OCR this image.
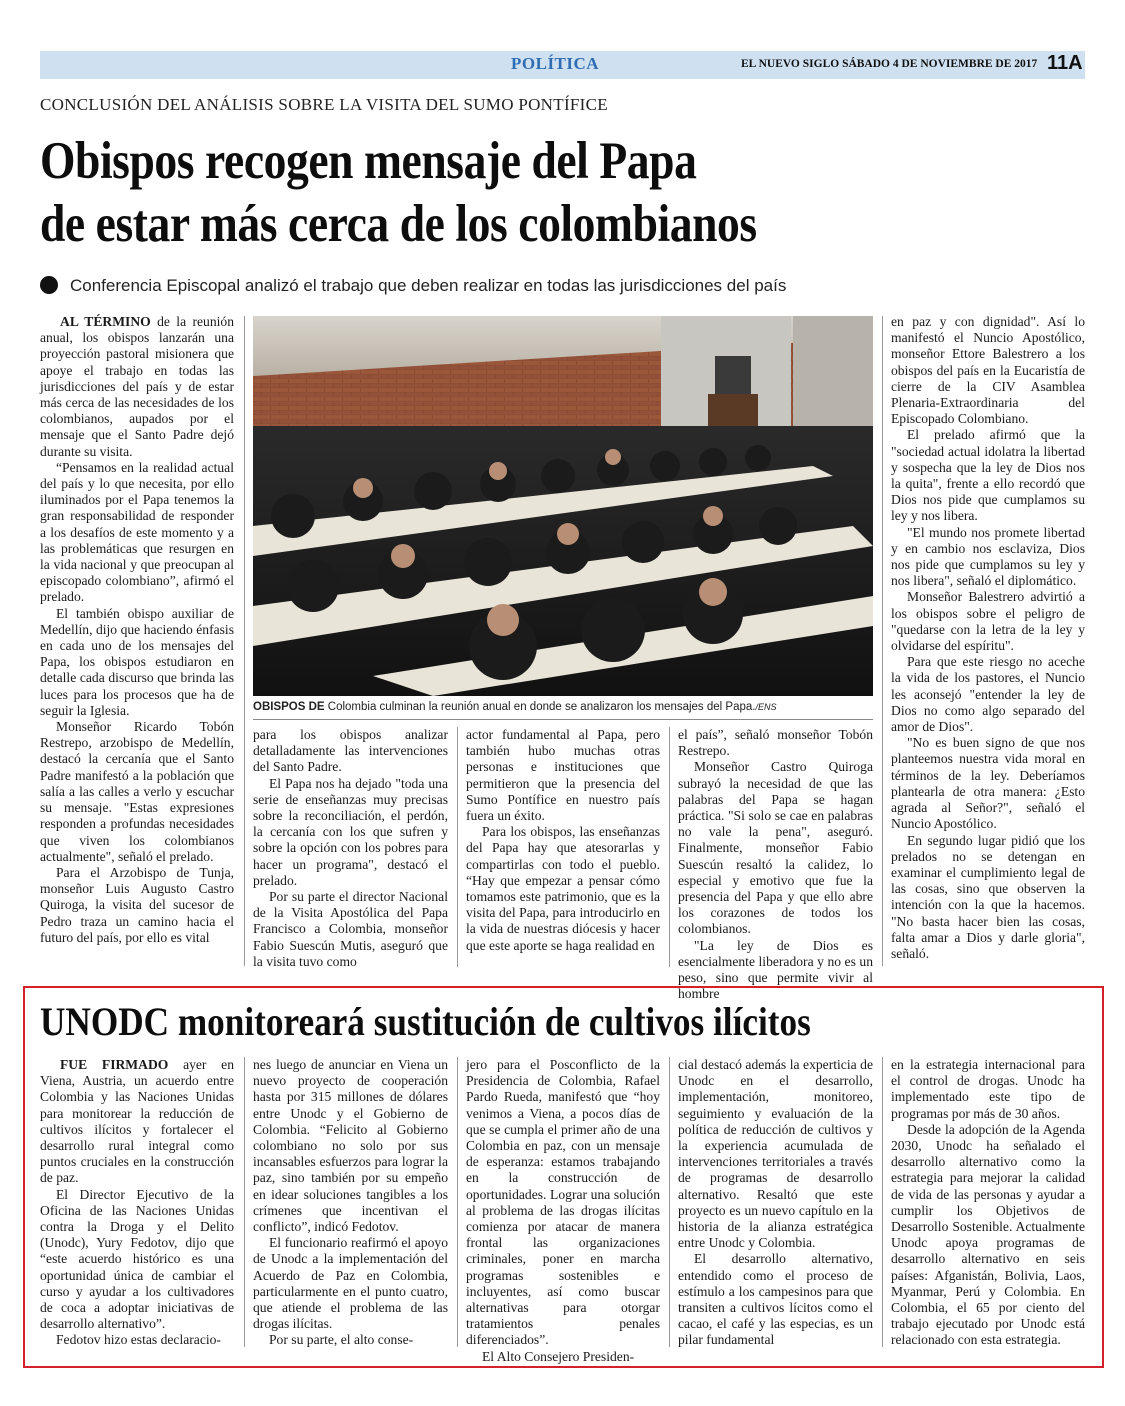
POLÍTICA	EL NUEVO SIGLO SÁBADO 4 DE NOVIEMBRE DE 2017 11A
CONCLUSIÓN DEL ANÁLISIS SOBRE LA VISITA DEL SUMO PONTÍFICE
Obispos recogen mensaje del Papa
de estar más cerca de los colombianos
Conferencia Episcopal analizó el trabajo que deben realizar en todas las jurisdicciones del país

AL TÉRMINO de la reunión anual, los obispos lanzarán una proyección pastoral misionera que apoye el trabajo en todas las jurisdicciones del país y de estar más cerca de las necesidades de los colombianos, aupados por el mensaje que el Santo Padre dejó durante su visita.

“Pensamos en la realidad actual del país y lo que necesita, por ello iluminados por el Papa tenemos la gran responsabilidad de responder a los desafíos de este momento y a las problemáticas que resurgen en la vida nacional y que preocupan al episcopado colombiano”, afirmó el prelado.

El también obispo auxiliar de Medellín, dijo que haciendo énfasis en cada uno de los mensajes del Papa, los obispos estudiaron en detalle cada discurso que brinda las luces para los procesos que ha de seguir la Iglesia.

Monseñor Ricardo Tobón Restrepo, arzobispo de Medellín, destacó la cercanía que el Santo Padre manifestó a la población que salía a las calles a verlo y escuchar su mensaje. "Estas expresiones responden a profundas necesidades que viven los colombianos actualmente", señaló el prelado.

Para el Arzobispo de Tunja, monseñor Luis Augusto Castro Quiroga, la visita del sucesor de Pedro traza un camino hacia el futuro del país, por ello es vital

OBISPOS DE Colombia culminan la reunión anual en donde se analizaron los mensajes del Papa./ENS

para los obispos analizar detalladamente las intervenciones del Santo Padre.

El Papa nos ha dejado "toda una serie de enseñanzas muy precisas sobre la reconciliación, el perdón, la cercanía con los que sufren y sobre la opción con los pobres para hacer un programa", destacó el prelado.

Por su parte el director Nacional de la Visita Apostólica del Papa Francisco a Colombia, monseñor Fabio Suescún Mutis, aseguró que la visita tuvo como

actor fundamental al Papa, pero también hubo muchas otras personas e instituciones que permitieron que la presencia del Sumo Pontífice en nuestro país fuera un éxito.

Para los obispos, las enseñanzas del Papa hay que atesorarlas y compartirlas con todo el pueblo. “Hay que empezar a pensar cómo tomamos este patrimonio, que es la visita del Papa, para introducirlo en la vida de nuestras diócesis y hacer que este aporte se haga realidad en

el país”, señaló monseñor Tobón Restrepo.

Monseñor Castro Quiroga subrayó la necesidad de que las palabras del Papa se hagan práctica. "Si solo se cae en palabras no vale la pena", aseguró. Finalmente, monseñor Fabio Suescún resaltó la calidez, lo especial y emotivo que fue la presencia del Papa y que ello abre los corazones de todos los colombianos.

"La ley de Dios es esencialmente liberadora y no es un peso, sino que permite vivir al hombre

en paz y con dignidad". Así lo manifestó el Nuncio Apostólico, monseñor Ettore Balestrero a los obispos del país en la Eucaristía de cierre de la CIV Asamblea Plenaria-Extraordinaria del Episcopado Colombiano.

El prelado afirmó que la "sociedad actual idolatra la libertad y sospecha que la ley de Dios nos la quita", frente a ello recordó que Dios nos pide que cumplamos su ley y nos libera.

"El mundo nos promete libertad y en cambio nos esclaviza, Dios nos pide que cumplamos su ley y nos libera", señaló el diplomático.

Monseñor Balestrero advirtió a los obispos sobre el peligro de "quedarse con la letra de la ley y olvidarse del espíritu".

Para que este riesgo no aceche la vida de los pastores, el Nuncio les aconsejó "entender la ley de Dios no como algo separado del amor de Dios".

"No es buen signo de que nos planteemos nuestra vida moral en términos de la ley. Deberíamos plantearla de otra manera: ¿Esto agrada al Señor?", señaló el Nuncio Apostólico.

En segundo lugar pidió que los prelados no se detengan en examinar el cumplimiento legal de las cosas, sino que observen la intención con la que la hacemos. "No basta hacer bien las cosas, falta amar a Dios y darle gloria", señaló.

UNODC monitoreará sustitución de cultivos ilícitos

FUE FIRMADO ayer en Viena, Austria, un acuerdo entre Colombia y las Naciones Unidas para monitorear la reducción de cultivos ilícitos y fortalecer el desarrollo rural integral como puntos cruciales en la construcción de paz.

El Director Ejecutivo de la Oficina de las Naciones Unidas contra la Droga y el Delito (Unodc), Yury Fedotov, dijo que “este acuerdo histórico es una oportunidad única de cambiar el curso y ayudar a los cultivadores de coca a adoptar iniciativas de desarrollo alternativo”.

Fedotov hizo estas declaracio-

nes luego de anunciar en Viena un nuevo proyecto de cooperación hasta por 315 millones de dólares entre Unodc y el Gobierno de Colombia. “Felicito al Gobierno colombiano no solo por sus incansables esfuerzos para lograr la paz, sino también por su empeño en idear soluciones tangibles a los crímenes que incentivan el conflicto”, indicó Fedotov.

El funcionario reafirmó el apoyo de Unodc a la implementación del Acuerdo de Paz en Colombia, particularmente en el punto cuatro, que atiende el problema de las drogas ilícitas.

Por su parte, el alto conse-

jero para el Posconflicto de la Presidencia de Colombia, Rafael Pardo Rueda, manifestó que “hoy venimos a Viena, a pocos días de que se cumpla el primer año de una Colombia en paz, con un mensaje de esperanza: estamos trabajando en la construcción de oportunidades. Lograr una solución al problema de las drogas ilícitas comienza por atacar de manera frontal las organizaciones criminales, poner en marcha programas sostenibles e incluyentes, así como buscar alternativas para otorgar tratamientos penales diferenciados”.

El Alto Consejero Presiden-

cial destacó además la experticia de Unodc en el desarrollo, implementación, monitoreo, seguimiento y evaluación de la política de reducción de cultivos y la experiencia acumulada de intervenciones territoriales a través de programas de desarrollo alternativo. Resaltó que este proyecto es un nuevo capítulo en la historia de la alianza estratégica entre Unodc y Colombia.

El desarrollo alternativo, entendido como el proceso de estímulo a los campesinos para que transiten a cultivos lícitos como el cacao, el café y las especias, es un pilar fundamental

en la estrategia internacional para el control de drogas. Unodc ha implementado este tipo de programas por más de 30 años.

Desde la adopción de la Agenda 2030, Unodc ha señalado el desarrollo alternativo como la estrategia para mejorar la calidad de vida de las personas y ayudar a cumplir los Objetivos de Desarrollo Sostenible. Actualmente Unodc apoya programas de desarrollo alternativo en seis países: Afganistán, Bolivia, Laos, Myanmar, Perú y Colombia. En Colombia, el 65 por ciento del trabajo ejecutado por Unodc está relacionado con esta estrategia.
